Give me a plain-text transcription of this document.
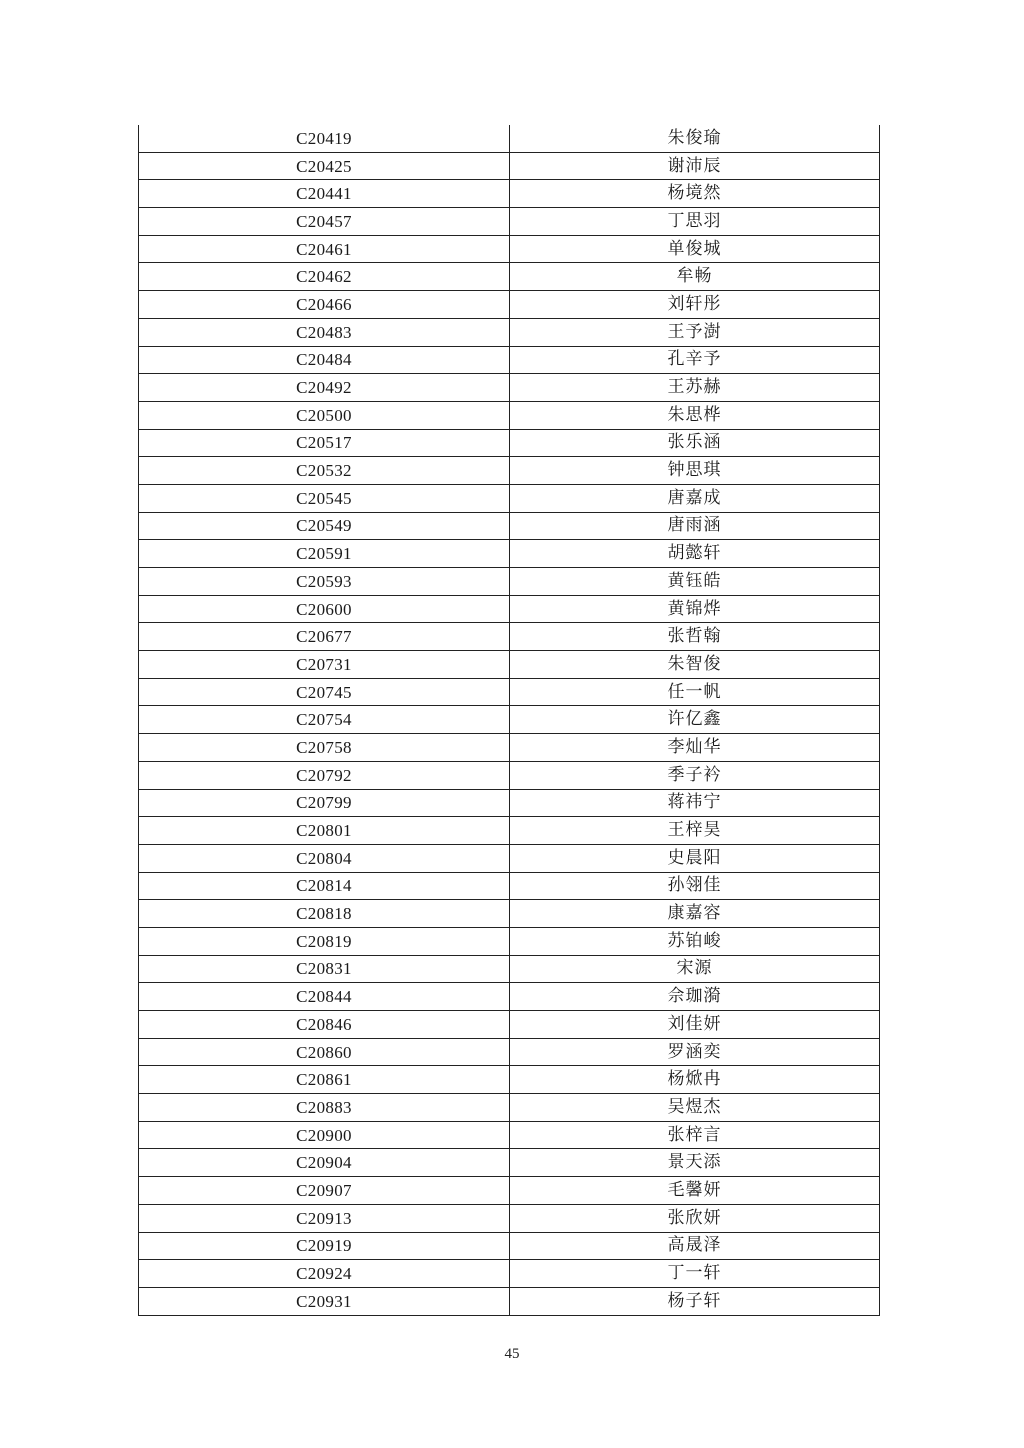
C20419	朱俊瑜
C20425	谢沛辰
C20441	杨境然
C20457	丁思羽
C20461	单俊城
C20462	牟畅
C20466	刘轩彤
C20483	王予澍
C20484	孔辛予
C20492	王苏赫
C20500	朱思桦
C20517	张乐涵
C20532	钟思琪
C20545	唐嘉成
C20549	唐雨涵
C20591	胡懿轩
C20593	黄钰皓
C20600	黄锦烨
C20677	张哲翰
C20731	朱智俊
C20745	任一帆
C20754	许亿鑫
C20758	李灿华
C20792	季子衿
C20799	蒋祎宁
C20801	王梓昊
C20804	史晨阳
C20814	孙翎佳
C20818	康嘉容
C20819	苏铂峻
C20831	宋源
C20844	佘珈漪
C20846	刘佳妍
C20860	罗涵奕
C20861	杨焮冉
C20883	吴煜杰
C20900	张梓言
C20904	景天添
C20907	毛馨妍
C20913	张欣妍
C20919	高晟泽
C20924	丁一轩
C20931	杨子轩
45
